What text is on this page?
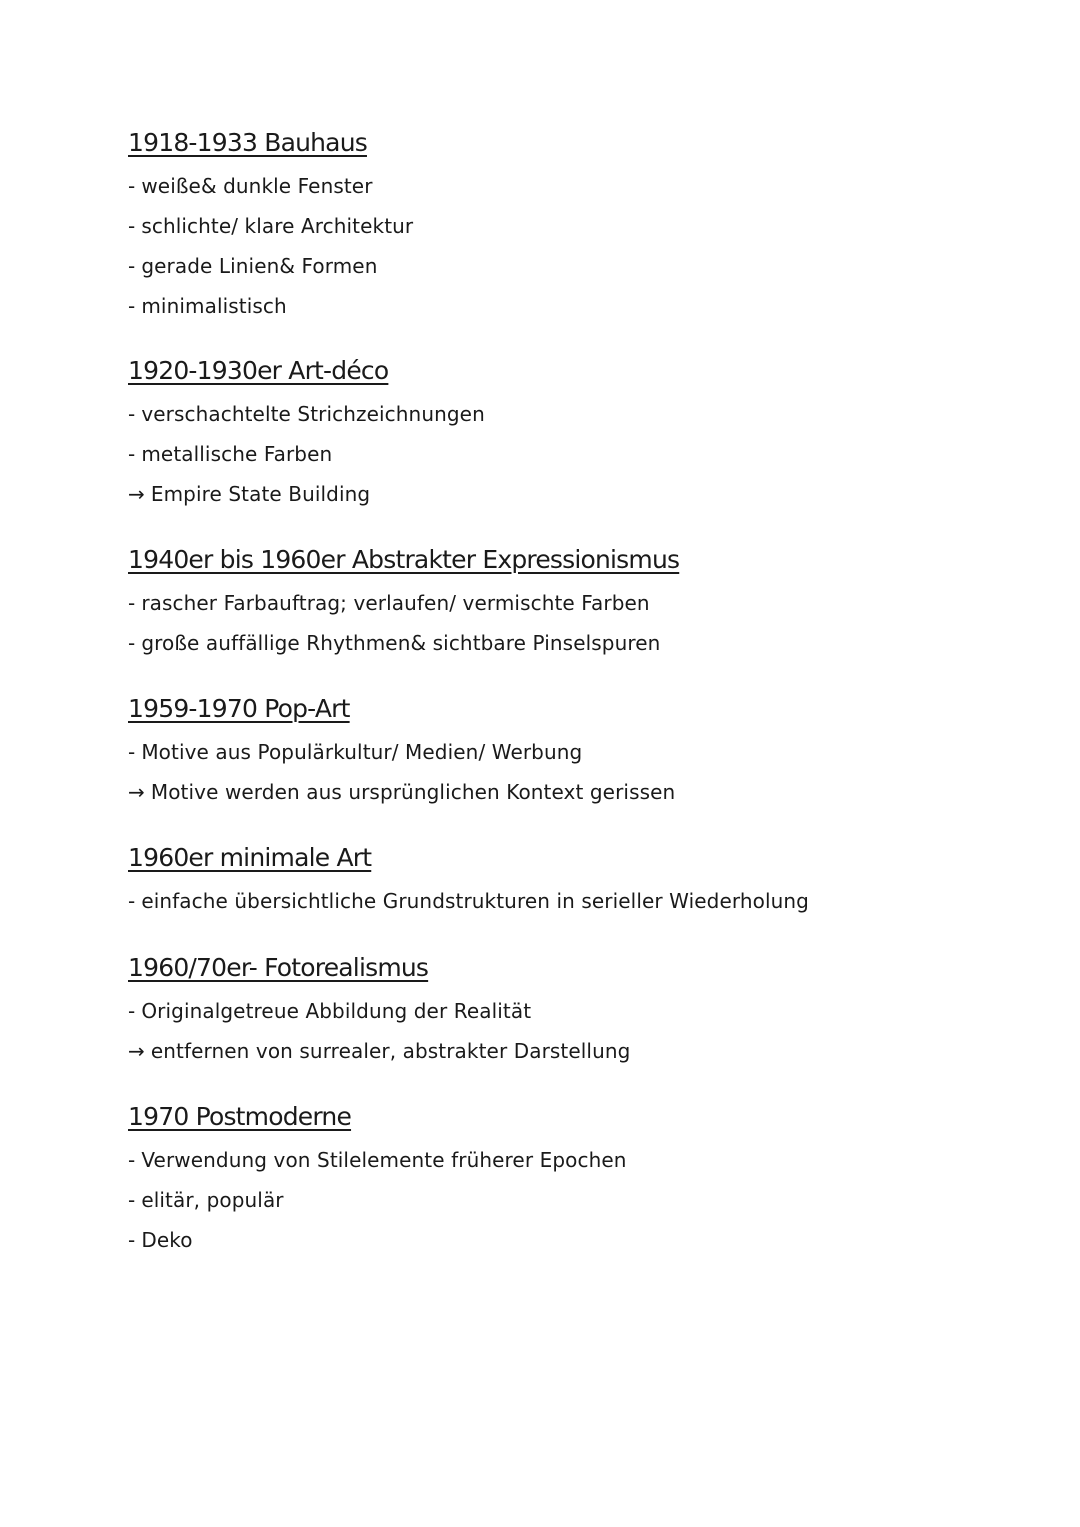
1918-1933 Bauhaus
- weiße& dunkle Fenster
- schlichte/ klare Architektur
- gerade Linien& Formen
- minimalistisch
1920-1930er Art-déco
- verschachtelte Strichzeichnungen
- metallische Farben
→ Empire State Building
1940er bis 1960er Abstrakter Expressionismus
- rascher Farbauftrag; verlaufen/ vermischte Farben
- große auffällige Rhythmen& sichtbare Pinselspuren
1959-1970 Pop-Art
- Motive aus Populärkultur/ Medien/ Werbung
→ Motive werden aus ursprünglichen Kontext gerissen
1960er minimale Art
- einfache übersichtliche Grundstrukturen in serieller Wiederholung
1960/70er- Fotorealismus
- Originalgetreue Abbildung der Realität
→ entfernen von surrealer, abstrakter Darstellung
1970 Postmoderne
- Verwendung von Stilelemente früherer Epochen
- elitär, populär
- Deko
